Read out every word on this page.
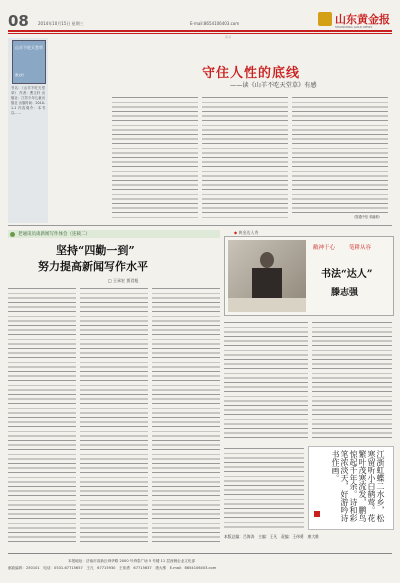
08 2014年10月15日 星期三	E-mail:8654106403.com
读书
山东黄金报
SHANDONG GOLD NEWS
山羊不吃天堂草
曹文轩
书名：《山羊不吃天堂草》 作者：曹文轩 出版社：江苏少年儿童出版社 出版时间：2010-1-1 内容简介：本书以……
守住人性的底线
——读《山羊不吃天堂草》有感
（智通中信 邓融莉）
老通讯员谈新闻写作体会（连载二）
坚持“四勤一到”
努力提高新闻写作水平
□ 王承宏 贾君旭
◆ 黄金达人秀
敝神于心	笔耕从容
书法“达人”
滕志强
江浙虹蝶二水乡，松寒留听小白鹤莺。花繁叶茂寒流发，鹏鸟惊起千年余。诗和彩笔浓淡天，好游吟诗书作画。
本版总编：吕海涛　主编：王凡　责编：王伟勇　康大维
本报地址：济南市高新区舜华路 2000 号舜泰广场 5 号楼 11 层西侧企业文化部
邮政编码：250101　电话：0531-67715657　王凡　67715930　王伟勇　67715637　康大维　E-mail：8654106403.com
